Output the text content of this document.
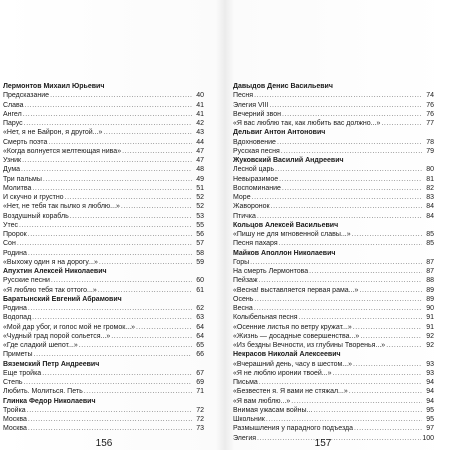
Лермонтов Михаил Юрьевич
Предсказание .....	40
Слава .....	41
Ангел .....	41
Парус .....	42
«Нет, я не Байрон, я другой...» .....	43
Смерть поэта .....	44
«Когда волнуется желтеющая нива» .....	47
Узник .....	47
Дума .....	48
Три пальмы .....	49
Молитва .....	51
И скучно и грустно .....	52
«Нет, не тебя так пылко я люблю...» .....	52
Воздушный корабль .....	53
Утес .....	55
Пророк .....	56
Сон .....	57
Родина .....	58
«Выхожу один я на дорогу...» .....	59
Апухтин Алексей Николаевич
Русские песни .....	60
«Я люблю тебя так оттого...» .....	61
Баратынский Евгений Абрамович
Родина .....	62
Водопад .....	63
«Мой дар убог, и голос мой не громок...» .....	64
«Чудный град порой сольется...» .....	64
«Где сладкий шепот...» .....	65
Приметы .....	66
Вяземский Петр Андреевич
Еще тройка .....	67
Степь .....	69
Любить. Молиться. Петь .....	71
Глинка Федор Николаевич
Тройка .....	72
Москва .....	72
Москва .....	73
Давыдов Денис Васильевич
Песня .....	74
Элегия VIII .....	76
Вечерний звон .....	76
«Я вас люблю так, как любить вас должно...» .....	77
Дельвиг Антон Антонович
Вдохновение .....	78
Русская песня .....	79
Жуковский Василий Андреевич
Лесной царь .....	80
Невыразимое .....	81
Воспоминание .....	82
Море .....	83
Жаворонок .....	84
Птичка .....	84
Кольцов Алексей Васильевич
«Пишу не для мгновенной славы...» .....	85
Песня пахаря .....	85
Майков Аполлон Николаевич
Горы .....	87
На смерть Лермонтова .....	87
Пейзаж .....	88
«Весна! выставляется первая рама...» .....	89
Осень .....	89
Весна .....	90
Колыбельная песня .....	91
«Осенние листья по ветру кружат...» .....	91
«Жизнь — досадные совершенства...» .....	92
«Из бездны Вечности, из глубины Творенья...» .....	92
Некрасов Николай Алексеевич
«Вчерашний день, часу в шестом...» .....	93
«Я не люблю иронии твоей...» .....	93
Письма .....	94
«Безвестен я. Я вами не стяжал...» .....	94
«Я вам люблю...» .....	94
Внимая ужасам войны... .....	95
Школьник .....	95
Размышления у парадного подъезда .....	97
Элегия .....	100
156	157
